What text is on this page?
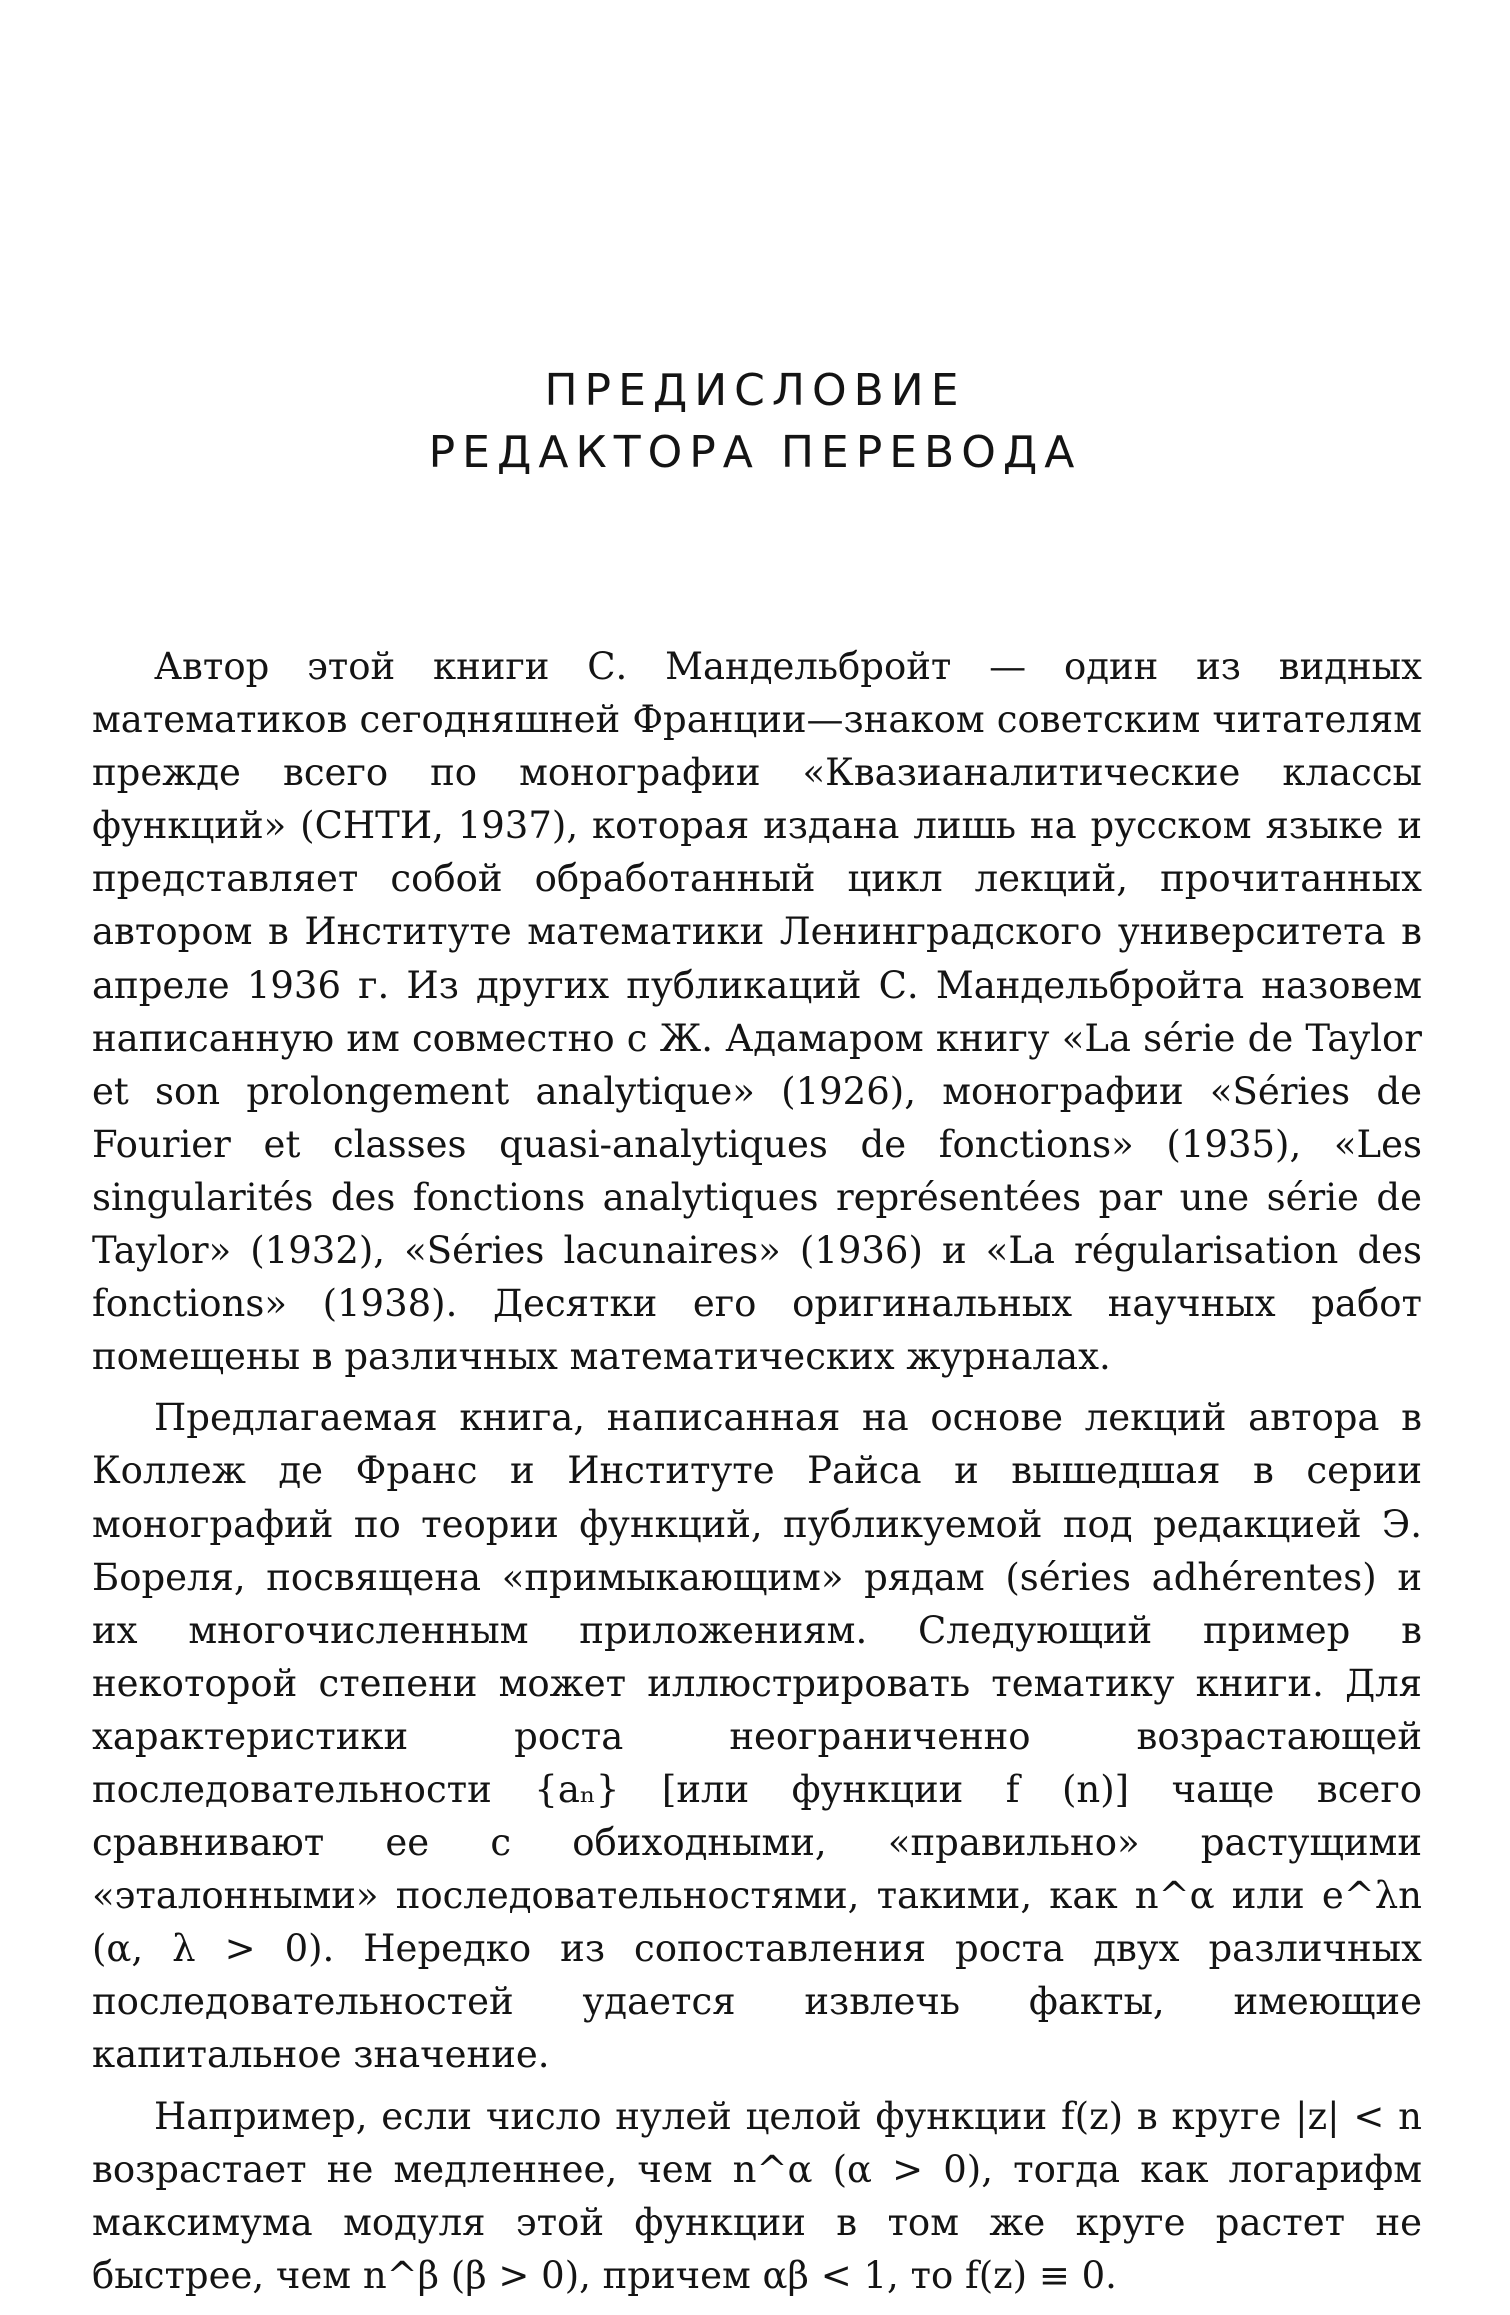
ПРЕДИСЛОВИЕ
РЕДАКТОРА ПЕРЕВОДА

Автор этой книги С. Мандельбройт — один из видных математиков сегодняшней Франции—знаком советским читателям прежде всего по монографии «Квазианалитические классы функций» (СНТИ, 1937), которая издана лишь на русском языке и представляет собой обработанный цикл лекций, прочитанных автором в Институте математики Ленинградского университета в апреле 1936 г. Из других публикаций С. Мандельбройта назовем написанную им совместно с Ж. Адамаром книгу «La série de Taylor et son prolongement analytique» (1926), монографии «Séries de Fourier et classes quasi-analytiques de fonctions» (1935), «Les singularités des fonctions analytiques représentées par une série de Taylor» (1932), «Séries lacunaires» (1936) и «La régularisation des fonctions» (1938). Десятки его оригинальных научных работ помещены в различных математических журналах.

Предлагаемая книга, написанная на основе лекций автора в Коллеж де Франс и Институте Райса и вышедшая в серии монографий по теории функций, публикуемой под редакцией Э. Бореля, посвящена «примыкающим» рядам (séries adhérentes) и их многочисленным приложениям. Следующий пример в некоторой степени может иллюстрировать тематику книги. Для характеристики роста неограниченно возрастающей последовательности {aₙ} [или функции f (n)] чаще всего сравнивают ее с обиходными, «правильно» растущими «эталонными» последовательностями, такими, как n^α или e^λn (α, λ > 0). Нередко из сопоставления роста двух различных последовательностей удается извлечь факты, имеющие капитальное значение.

Например, если число нулей целой функции f(z) в круге |z| < n возрастает не медленнее, чем n^α (α > 0), тогда как логарифм максимума модуля этой функции в том же круге растет не быстрее, чем n^β (β > 0), причем αβ < 1, то f(z) ≡ 0.
